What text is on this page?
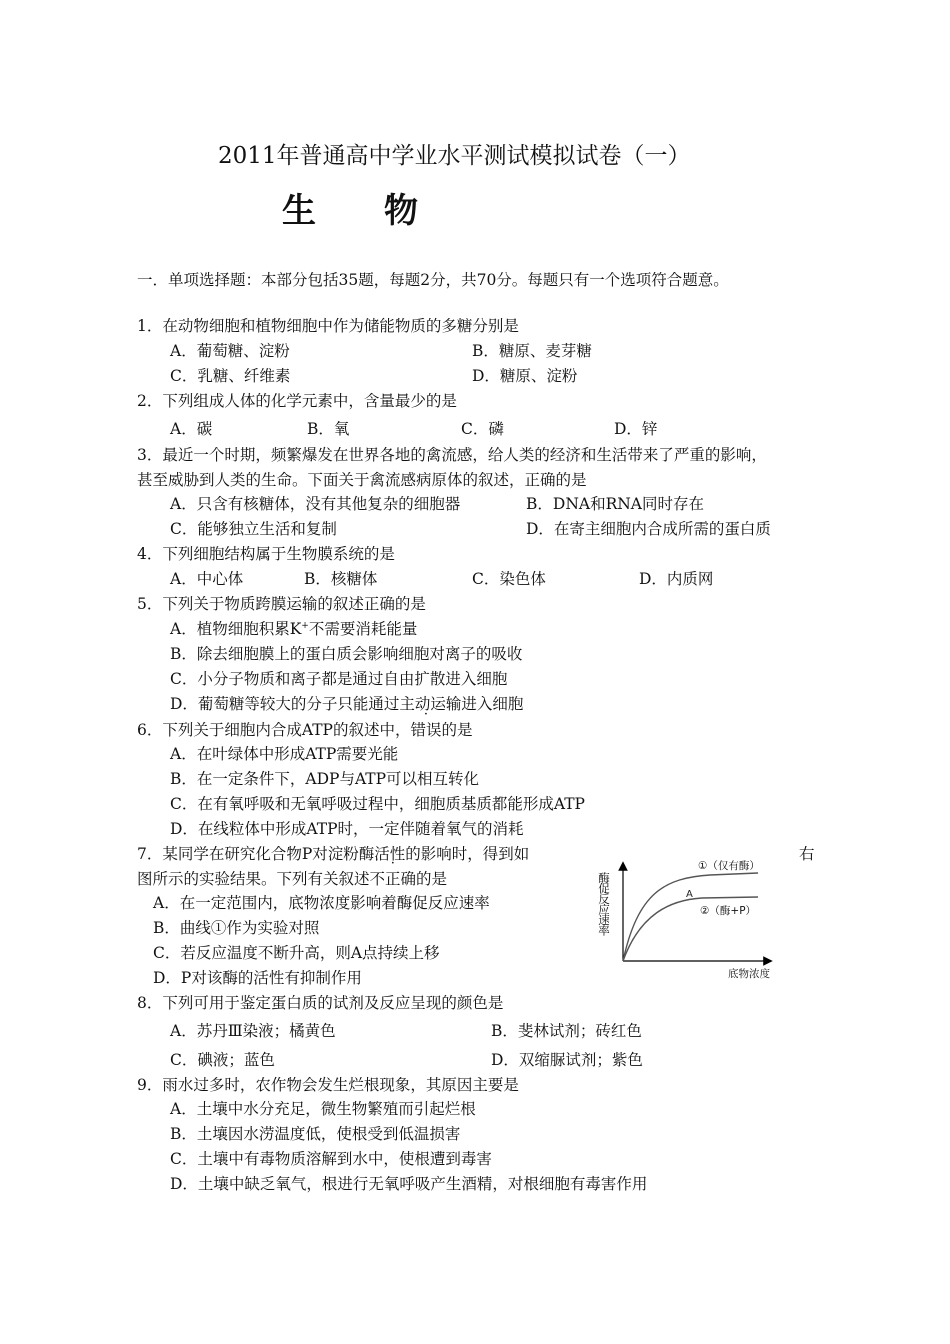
2011年普通高中学业水平测试模拟试卷（一）
生　　物
一．单项选择题：本部分包括35题，每题2分，共70分。每题只有一个选项符合题意。
1．在动物细胞和植物细胞中作为储能物质的多糖分别是
A．葡萄糖、淀粉	B．糖原、麦芽糖
C．乳糖、纤维素	D．糖原、淀粉
2．下列组成人体的化学元素中，含量最少的是
A．碳	B．氧	C．磷	D．锌
3．最近一个时期，频繁爆发在世界各地的禽流感，给人类的经济和生活带来了严重的影响，
甚至威胁到人类的生命。下面关于禽流感病原体的叙述，正确的是
A．只含有核糖体，没有其他复杂的细胞器	B．DNA和RNA同时存在
C．能够独立生活和复制	D．在寄主细胞内合成所需的蛋白质
4．下列细胞结构属于生物膜系统的是
A．中心体	B．核糖体	C．染色体	D．内质网
5．下列关于物质跨膜运输的叙述正确的是
A．植物细胞积累K+不需要消耗能量
B．除去细胞膜上的蛋白质会影响细胞对离子的吸收
C．小分子物质和离子都是通过自由扩散进入细胞
D．葡萄糖等较大的分子只能通过主动运输进入细胞
6．下列关于细胞内合成ATP的叙述中，错误的是
A．在叶绿体中形成ATP需要光能
B．在一定条件下，ADP与ATP可以相互转化
C．在有氧呼吸和无氧呼吸过程中，细胞质基质都能形成ATP
D．在线粒体中形成ATP时，一定伴随着氧气的消耗
7．某同学在研究化合物P对淀粉酶活性的影响时，得到如	右
图所示的实验结果。下列有关叙述不正确的是
A．在一定范围内，底物浓度影响着酶促反应速率
B．曲线①作为实验对照
C．若反应温度不断升高，则A点持续上移
D．P对该酶的活性有抑制作用
A
①（仅有酶）
②（酶+P）
底物浓度
酶促反应速率
8．下列可用于鉴定蛋白质的试剂及反应呈现的颜色是
A．苏丹Ⅲ染液；橘黄色	B．斐林试剂；砖红色
C．碘液；蓝色	D．双缩脲试剂；紫色
9．雨水过多时，农作物会发生烂根现象，其原因主要是
A．土壤中水分充足，微生物繁殖而引起烂根
B．土壤因水涝温度低，使根受到低温损害
C．土壤中有毒物质溶解到水中，使根遭到毒害
D．土壤中缺乏氧气，根进行无氧呼吸产生酒精，对根细胞有毒害作用
